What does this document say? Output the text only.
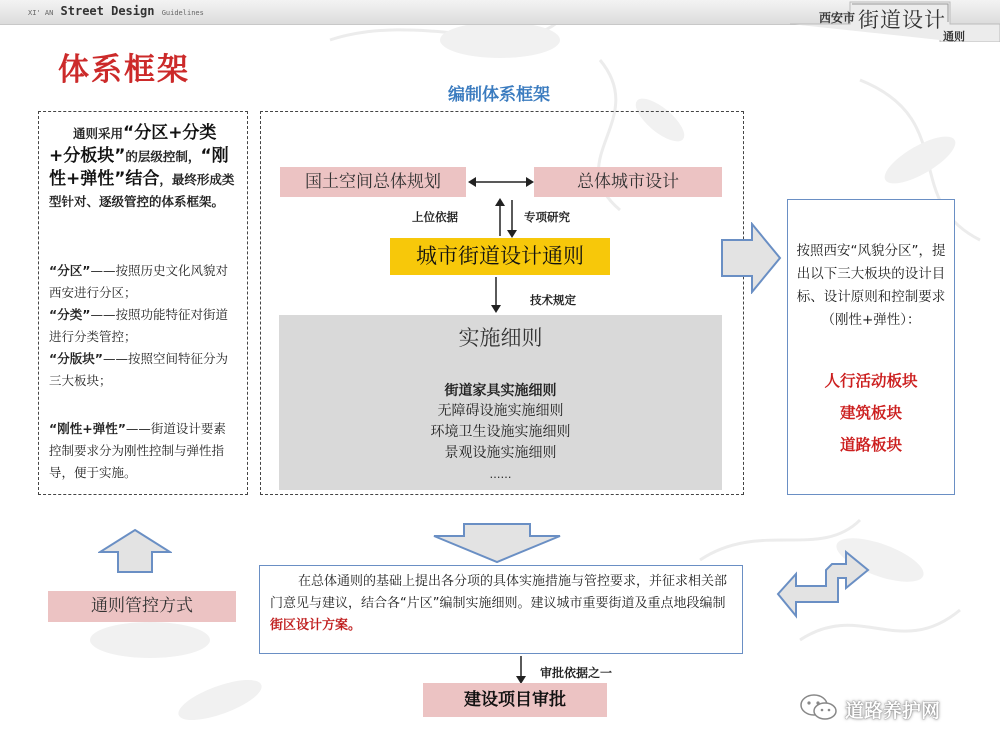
XI' AN Street Design Guidelines	西安市 街道设计
通则
体系框架
编制体系框架
通则采用“分区+分类+分板块”的层级控制，“刚性+弹性”结合，最终形成类型针对、逐级管控的体系框架。
“分区”——按照历史文化风貌对西安进行分区；
“分类”——按照功能特征对街道进行分类管控；
“分版块”——按照空间特征分为三大板块；
“刚性+弹性”——街道设计要素控制要求分为刚性控制与弹性指导，便于实施。
国土空间总体规划	总体城市设计
上位依据	专项研究
城市街道设计通则
技术规定
实施细则
街道家具实施细则
无障碍设施实施细则
环境卫生设施实施细则
景观设施实施细则
……
按照西安“风貌分区”，提出以下三大板块的设计目标、设计原则和控制要求（刚性+弹性）：
人行活动板块
建筑板块
道路板块
在总体通则的基础上提出各分项的具体实施措施与管控要求，并征求相关部门意见与建议，结合各“片区”编制实施细则。建议城市重要街道及重点地段编制街区设计方案。
通则管控方式
审批依据之一
建设项目审批	道路养护网
